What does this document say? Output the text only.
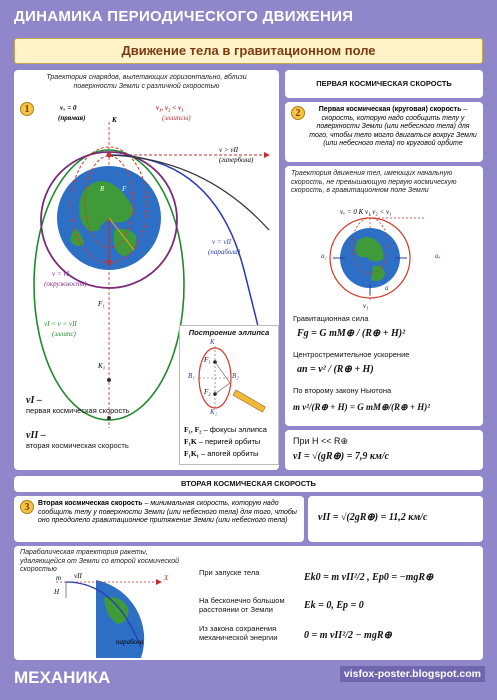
ДИНАМИКА ПЕРИОДИЧЕСКОГО ДВИЖЕНИЯ
Движение тела в гравитационном поле
Траектория снарядов, вылетающих горизонтально, вблизи поверхности Земли с различной скоростью
1	vₓ = 0
(прямая)	K
v₁, v₂ < v₁
(эллипсы)
v > vII
(гипербола)
R	F
v = vI
(окружность)
v = vII
(парабола)
F₁
vI < v < vII
(эллипс)
K₁
vI –
первая космическая скорость
vII –
вторая космическая скорость
Построение эллипса
K
F₁
B₁	B₂
F₂
K₁
F₁, F₂ – фокусы эллипса
F₁K – перигей орбиты
F₁K₁ – апогей орбиты
ПЕРВАЯ КОСМИЧЕСКАЯ СКОРОСТЬ
2	Первая космическая (круговая) скорость – скорость, которую надо сообщить телу у поверхности Земли (или небесного тела) для того, чтобы тело могло двигаться вокруг Земли (или небесного тела) по круговой орбите
Траектория движения тел, имеющих начальную скорость, не превышающую первую космическую скорость, в гравитационном поле Земли
vₓ = 0 K v₁ v₂ < v₁
a₁	aₓ
a
v₁
Гравитационная сила
Fg = G mM⊕ / (R⊕ + H)²
Центростремительное ускорение
an = v² / (R⊕ + H)
По второму закону Ньютона
m v²/(R⊕ + H) = G mM⊕/(R⊕ + H)²
При H << R⊕
vI = √(gR⊕) = 7,9 км/с
ВТОРАЯ КОСМИЧЕСКАЯ СКОРОСТЬ
3	Вторая космическая скорость – минимальная скорость, которую надо сообщить телу у поверхности Земли (или небесного тела) для того, чтобы оно преодолело гравитационное притяжение Земли (или небесного тела)	vII = √(2gR⊕) = 11,2 км/с
Параболическая траектория ракеты, удаляющейся от Земли со второй космической скоростью
m vII
H
X
парабола
При запуске тела	Ek0 = m vII²/2 , Ep0 = −mgR⊕
На бесконечно большом расстоянии от Земли	Ek = 0, Ep = 0
Из закона сохранения механической энергии	0 = m vII²/2 − mgR⊕
МЕХАНИКА	visfox-poster.blogspot.com
